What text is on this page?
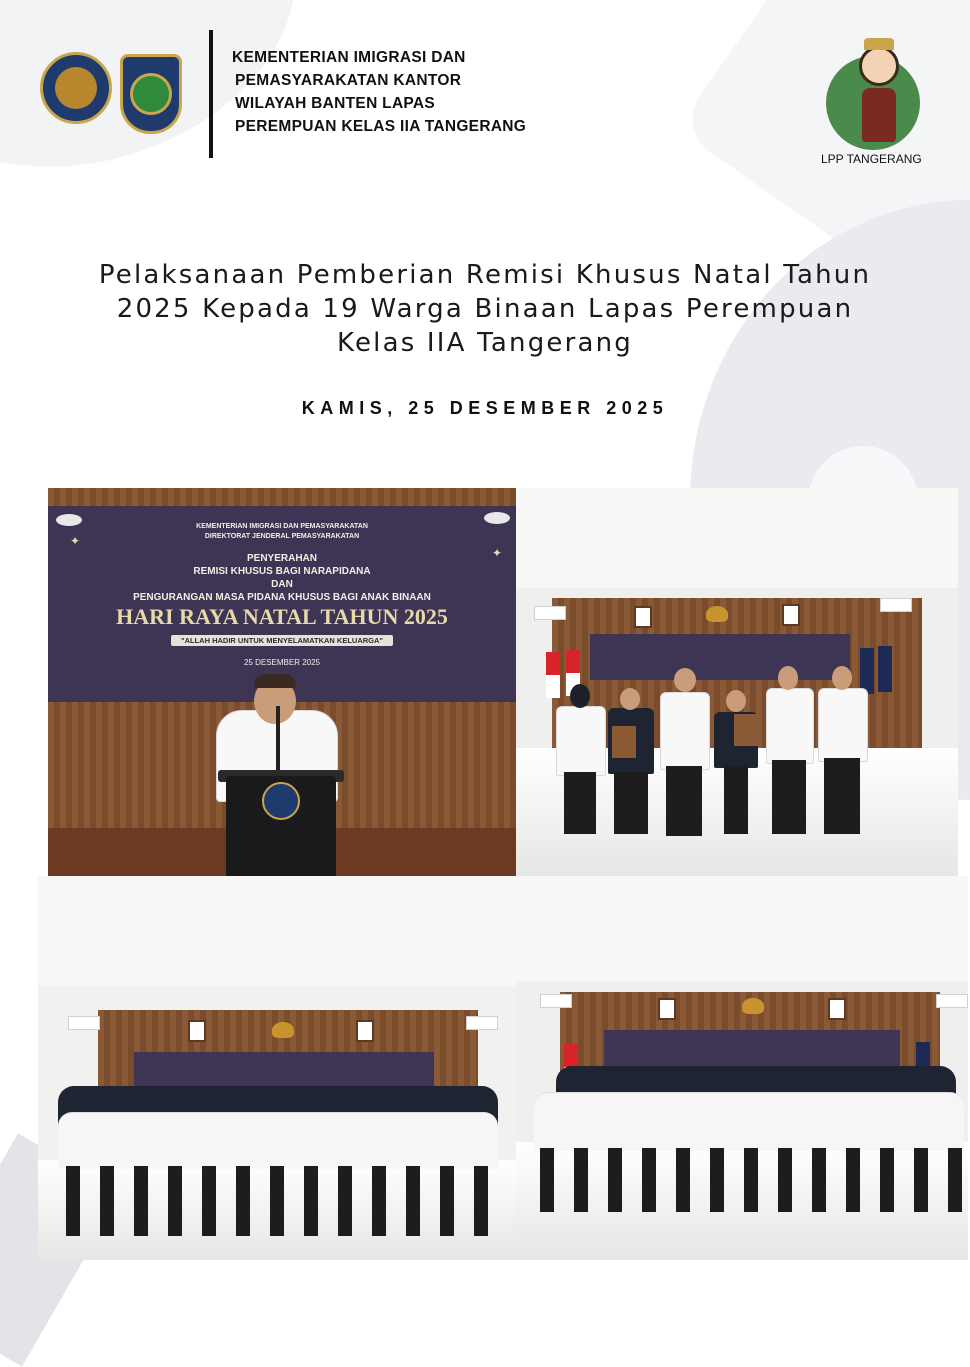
KEMENTERIAN IMIGRASI DAN
PEMASYARAKATAN KANTOR
WILAYAH BANTEN LAPAS
PEREMPUAN KELAS IIA TANGERANG
LPP TANGERANG
Pelaksanaan Pemberian Remisi Khusus Natal Tahun
2025 Kepada 19 Warga Binaan Lapas Perempuan
Kelas IIA Tangerang
KAMIS, 25 DESEMBER 2025
✦
✦
KEMENTERIAN IMIGRASI DAN PEMASYARAKATAN
DIREKTORAT JENDERAL PEMASYARAKATAN
PENYERAHAN
REMISI KHUSUS BAGI NARAPIDANA
DAN
PENGURANGAN MASA PIDANA KHUSUS BAGI ANAK BINAAN
HARI RAYA NATAL TAHUN 2025
"ALLAH HADIR UNTUK MENYELAMATKAN KELUARGA"
25 DESEMBER 2025
